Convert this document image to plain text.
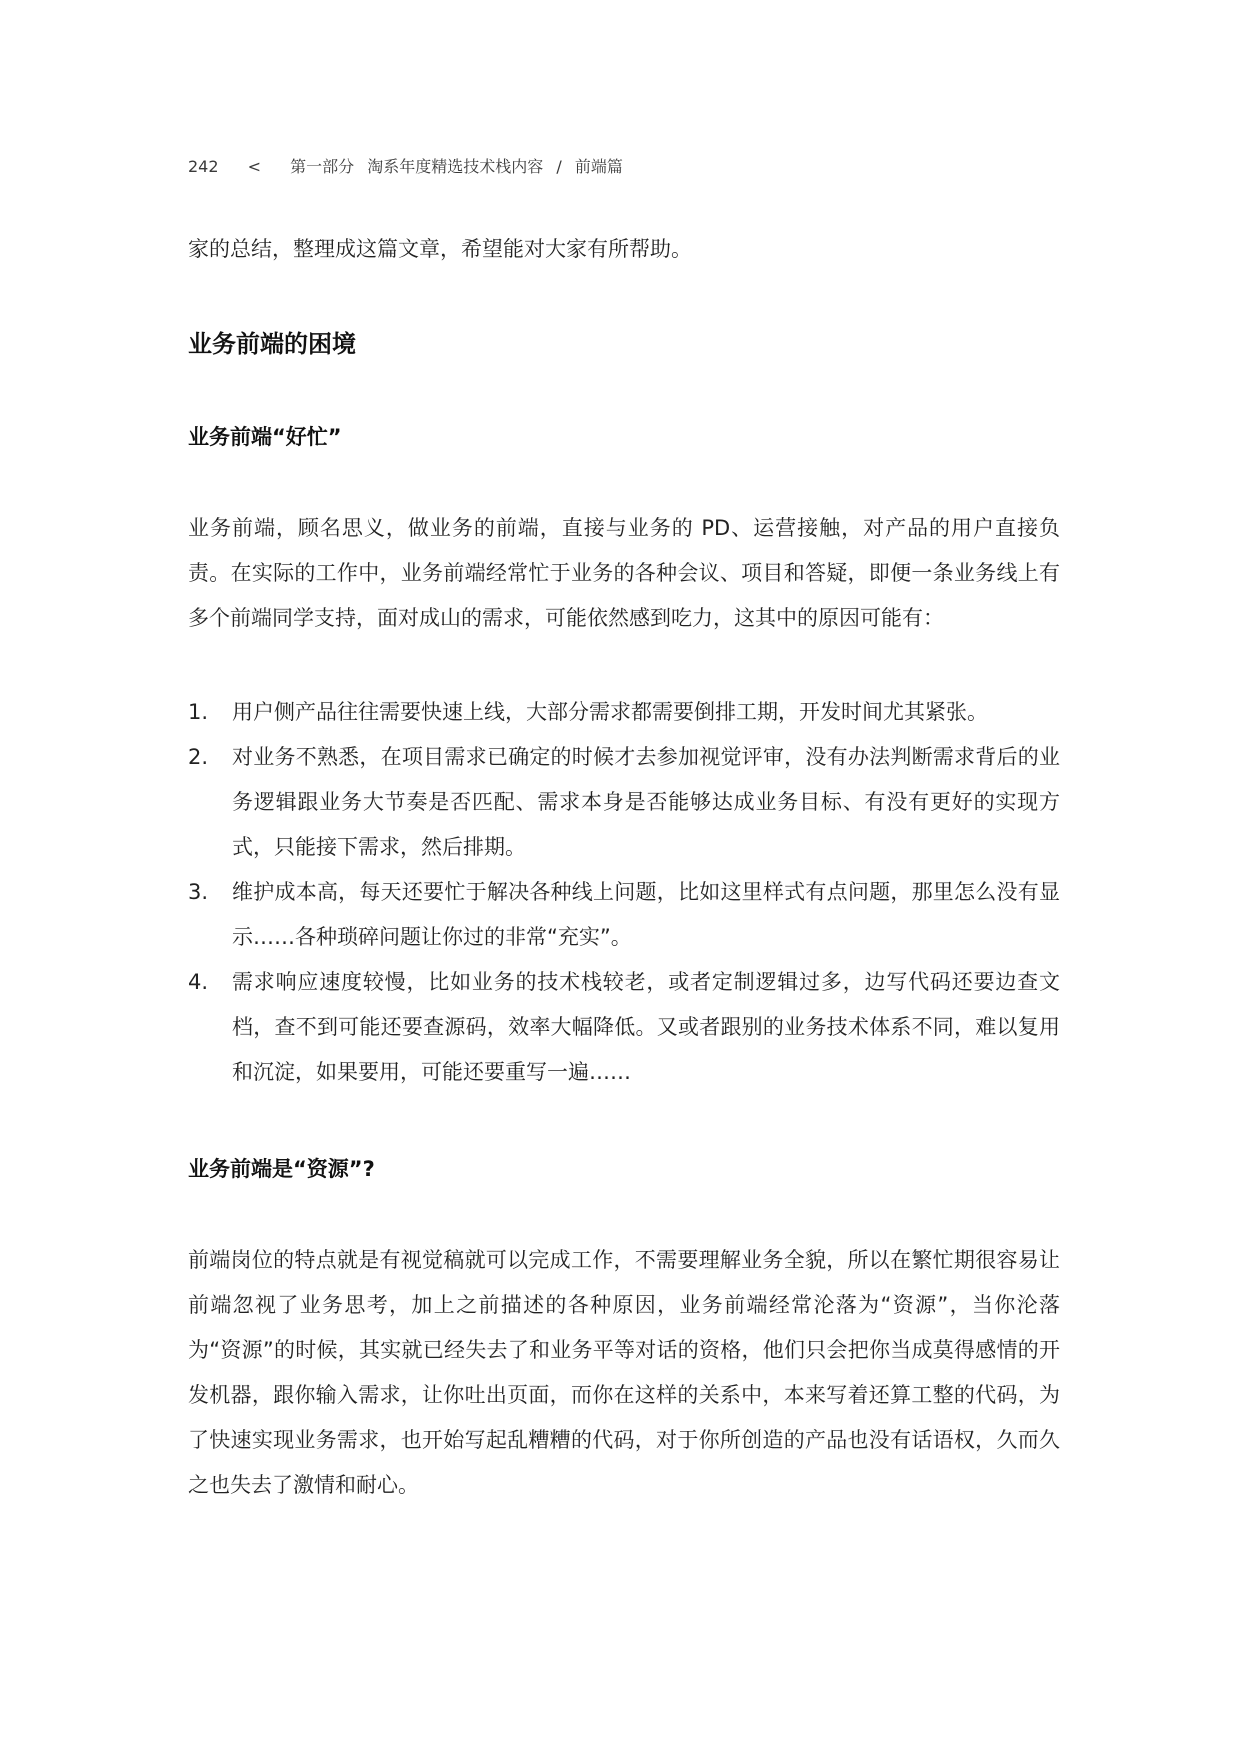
242 < 第一部分 淘系年度精选技术栈内容 / 前端篇
家的总结，整理成这篇文章，希望能对大家有所帮助。
业务前端的困境
业务前端“好忙”
业务前端，顾名思义，做业务的前端，直接与业务的 PD、运营接触，对产品的用户直接负责。在实际的工作中，业务前端经常忙于业务的各种会议、项目和答疑，即便一条业务线上有多个前端同学支持，面对成山的需求，可能依然感到吃力，这其中的原因可能有：
1. 用户侧产品往往需要快速上线，大部分需求都需要倒排工期，开发时间尤其紧张。
2. 对业务不熟悉，在项目需求已确定的时候才去参加视觉评审，没有办法判断需求背后的业务逻辑跟业务大节奏是否匹配、需求本身是否能够达成业务目标、有没有更好的实现方式，只能接下需求，然后排期。
3. 维护成本高，每天还要忙于解决各种线上问题，比如这里样式有点问题，那里怎么没有显示……各种琐碎问题让你过的非常“充实”。
4. 需求响应速度较慢，比如业务的技术栈较老，或者定制逻辑过多，边写代码还要边查文档，查不到可能还要查源码，效率大幅降低。又或者跟别的业务技术体系不同，难以复用和沉淀，如果要用，可能还要重写一遍……
业务前端是“资源”?
前端岗位的特点就是有视觉稿就可以完成工作，不需要理解业务全貌，所以在繁忙期很容易让前端忽视了业务思考，加上之前描述的各种原因，业务前端经常沦落为“资源”，当你沦落为“资源”的时候，其实就已经失去了和业务平等对话的资格，他们只会把你当成莫得感情的开发机器，跟你输入需求，让你吐出页面，而你在这样的关系中，本来写着还算工整的代码，为了快速实现业务需求，也开始写起乱糟糟的代码，对于你所创造的产品也没有话语权，久而久之也失去了激情和耐心。
